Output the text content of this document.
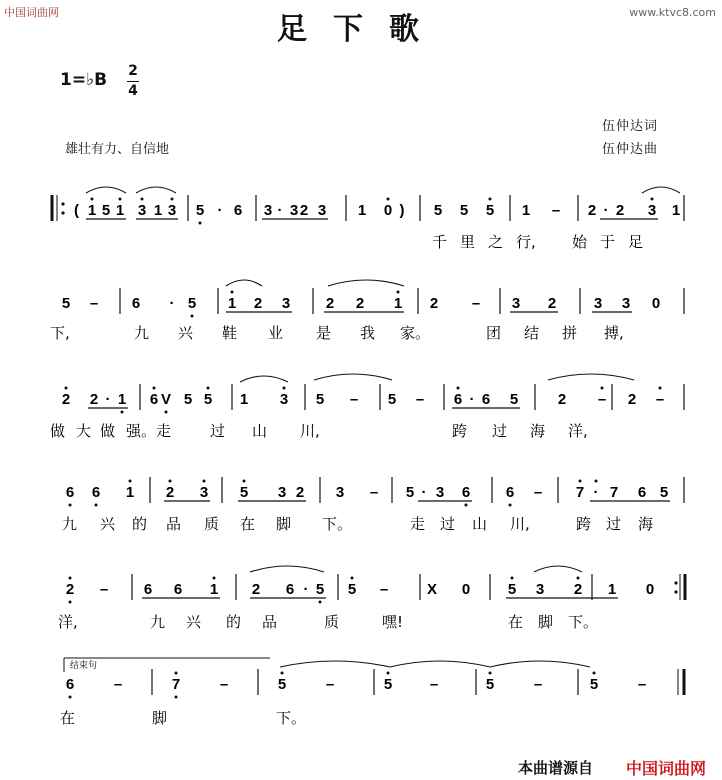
中国词曲网	www.ktvc8.com
足下歌
1=♭B 2
4
雄壮有力、自信地
伍仲达词
伍仲达曲
( 1 5 1 3 1 3 5 · 6 3 · 3 2 3 1 0 ) 5 5 5 1 – 2 · 2 3 1
千 里 之 行, 始 于 足
5 – 6 · 5 1 2 3 2 2 1 2 – 3 2	3 3 0
下,	九 兴 鞋 业 是 我 家。	团 结 拼 搏,
2 2 · 1 6 V 5 5 1 3 5 – 5 – 6 · 6 5	2 – 2 –
做 大 做 强。走	过 山 川,	跨 过 海 洋,
6 6 1 2 3 5 3 2 3 – 5 · 3 6 6 – 7 · 7 6 5
九 兴 的 品 质 在 脚 下。	走 过 山 川,	跨 过 海
2 – 6 6 1 2 6 · 5 5 –	X 0	5 3 2 1 0
洋,	九 兴 的 品	质	嘿!	在 脚 下。
6	–	7	–	5	–	5	–	5	–	5	–
在	脚	下。
结束句
本曲谱源自 中国词曲网
